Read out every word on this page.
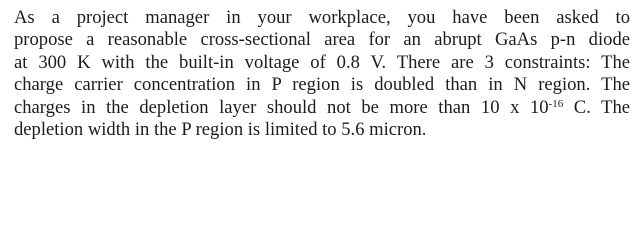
As a project manager in your workplace, you have been asked to
propose a reasonable cross-sectional area for an abrupt GaAs p-n diode
at 300 K with the built-in voltage of 0.8 V. There are 3 constraints: The
charge carrier concentration in P region is doubled than in N region. The
charges in the depletion layer should not be more than 10 x $10^{-16}$ C. The
depletion width in the P region is limited to 5.6 micron.
